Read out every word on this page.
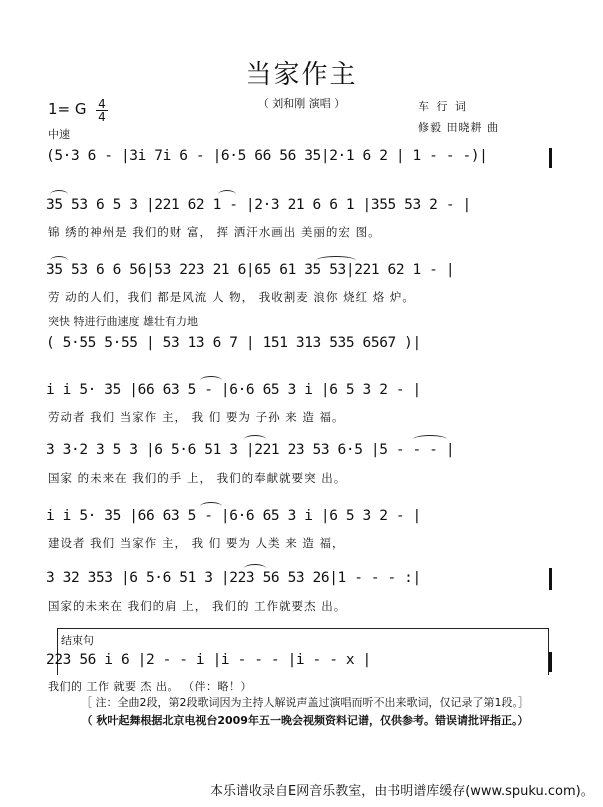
当家作主
（ 刘和刚 演唱 ）	车 行 词
修毅 田晓耕 曲
1= G 4
4
中速
(5·3 6 - |3i 7i 6 - |6·5 66 56 35|2·1 6 2 | 1 - - -)|
35 53 6 5 3 |221 62 1 - |2·3 21 6 6 1 |355 53 2 - |
锦 绣的神州是 我们的财 富， 挥 洒汗水画出 美丽的宏 图。
35 53 6 6 56|53 223 21 6|65 61 35 53|221 62 1 - |
劳 动的人们，我们 都是风流 人 物， 我收割麦 浪你 烧红 烙 炉。
突快 特进行曲速度 雄壮有力地
( 5·55 5·55 | 53 13 6 7 | 151 313 535 6567 )|
i i 5· 35 |66 63 5 - |6·6 65 3 i |6 5 3 2 - |
劳动者 我们 当家作 主， 我 们 要为 子孙 来 造 福。
3 3·2 3 5 3 |6 5·6 51 3 |221 23 53 6·5 |5 - - - |
国家 的未来在 我们的手 上， 我们的奉献就要突 出。
i i 5· 35 |66 63 5 - |6·6 65 3 i |6 5 3 2 - |
建设者 我们 当家作 主， 我 们 要为 人类 来 造 福，
3 32 353 |6 5·6 51 3 |223 56 53 26|1 - - - :|
国家的未来在 我们的肩 上， 我们的 工作就要杰 出。
结束句
223 56 i 6 |2 - - i |i - - - |i - - x |
我们的 工作 就要 杰 出。 （伴：略！）
［ 注：全曲2段，第2段歌词因为主持人解说声盖过演唱而听不出来歌词，仅记录了第1段。］
（ 秋叶起舞根据北京电视台2009年五一晚会视频资料记谱，仅供参考。错误请批评指正。）
本乐谱收录自E网音乐教室，由书明谱库缓存(www.spuku.com)。
